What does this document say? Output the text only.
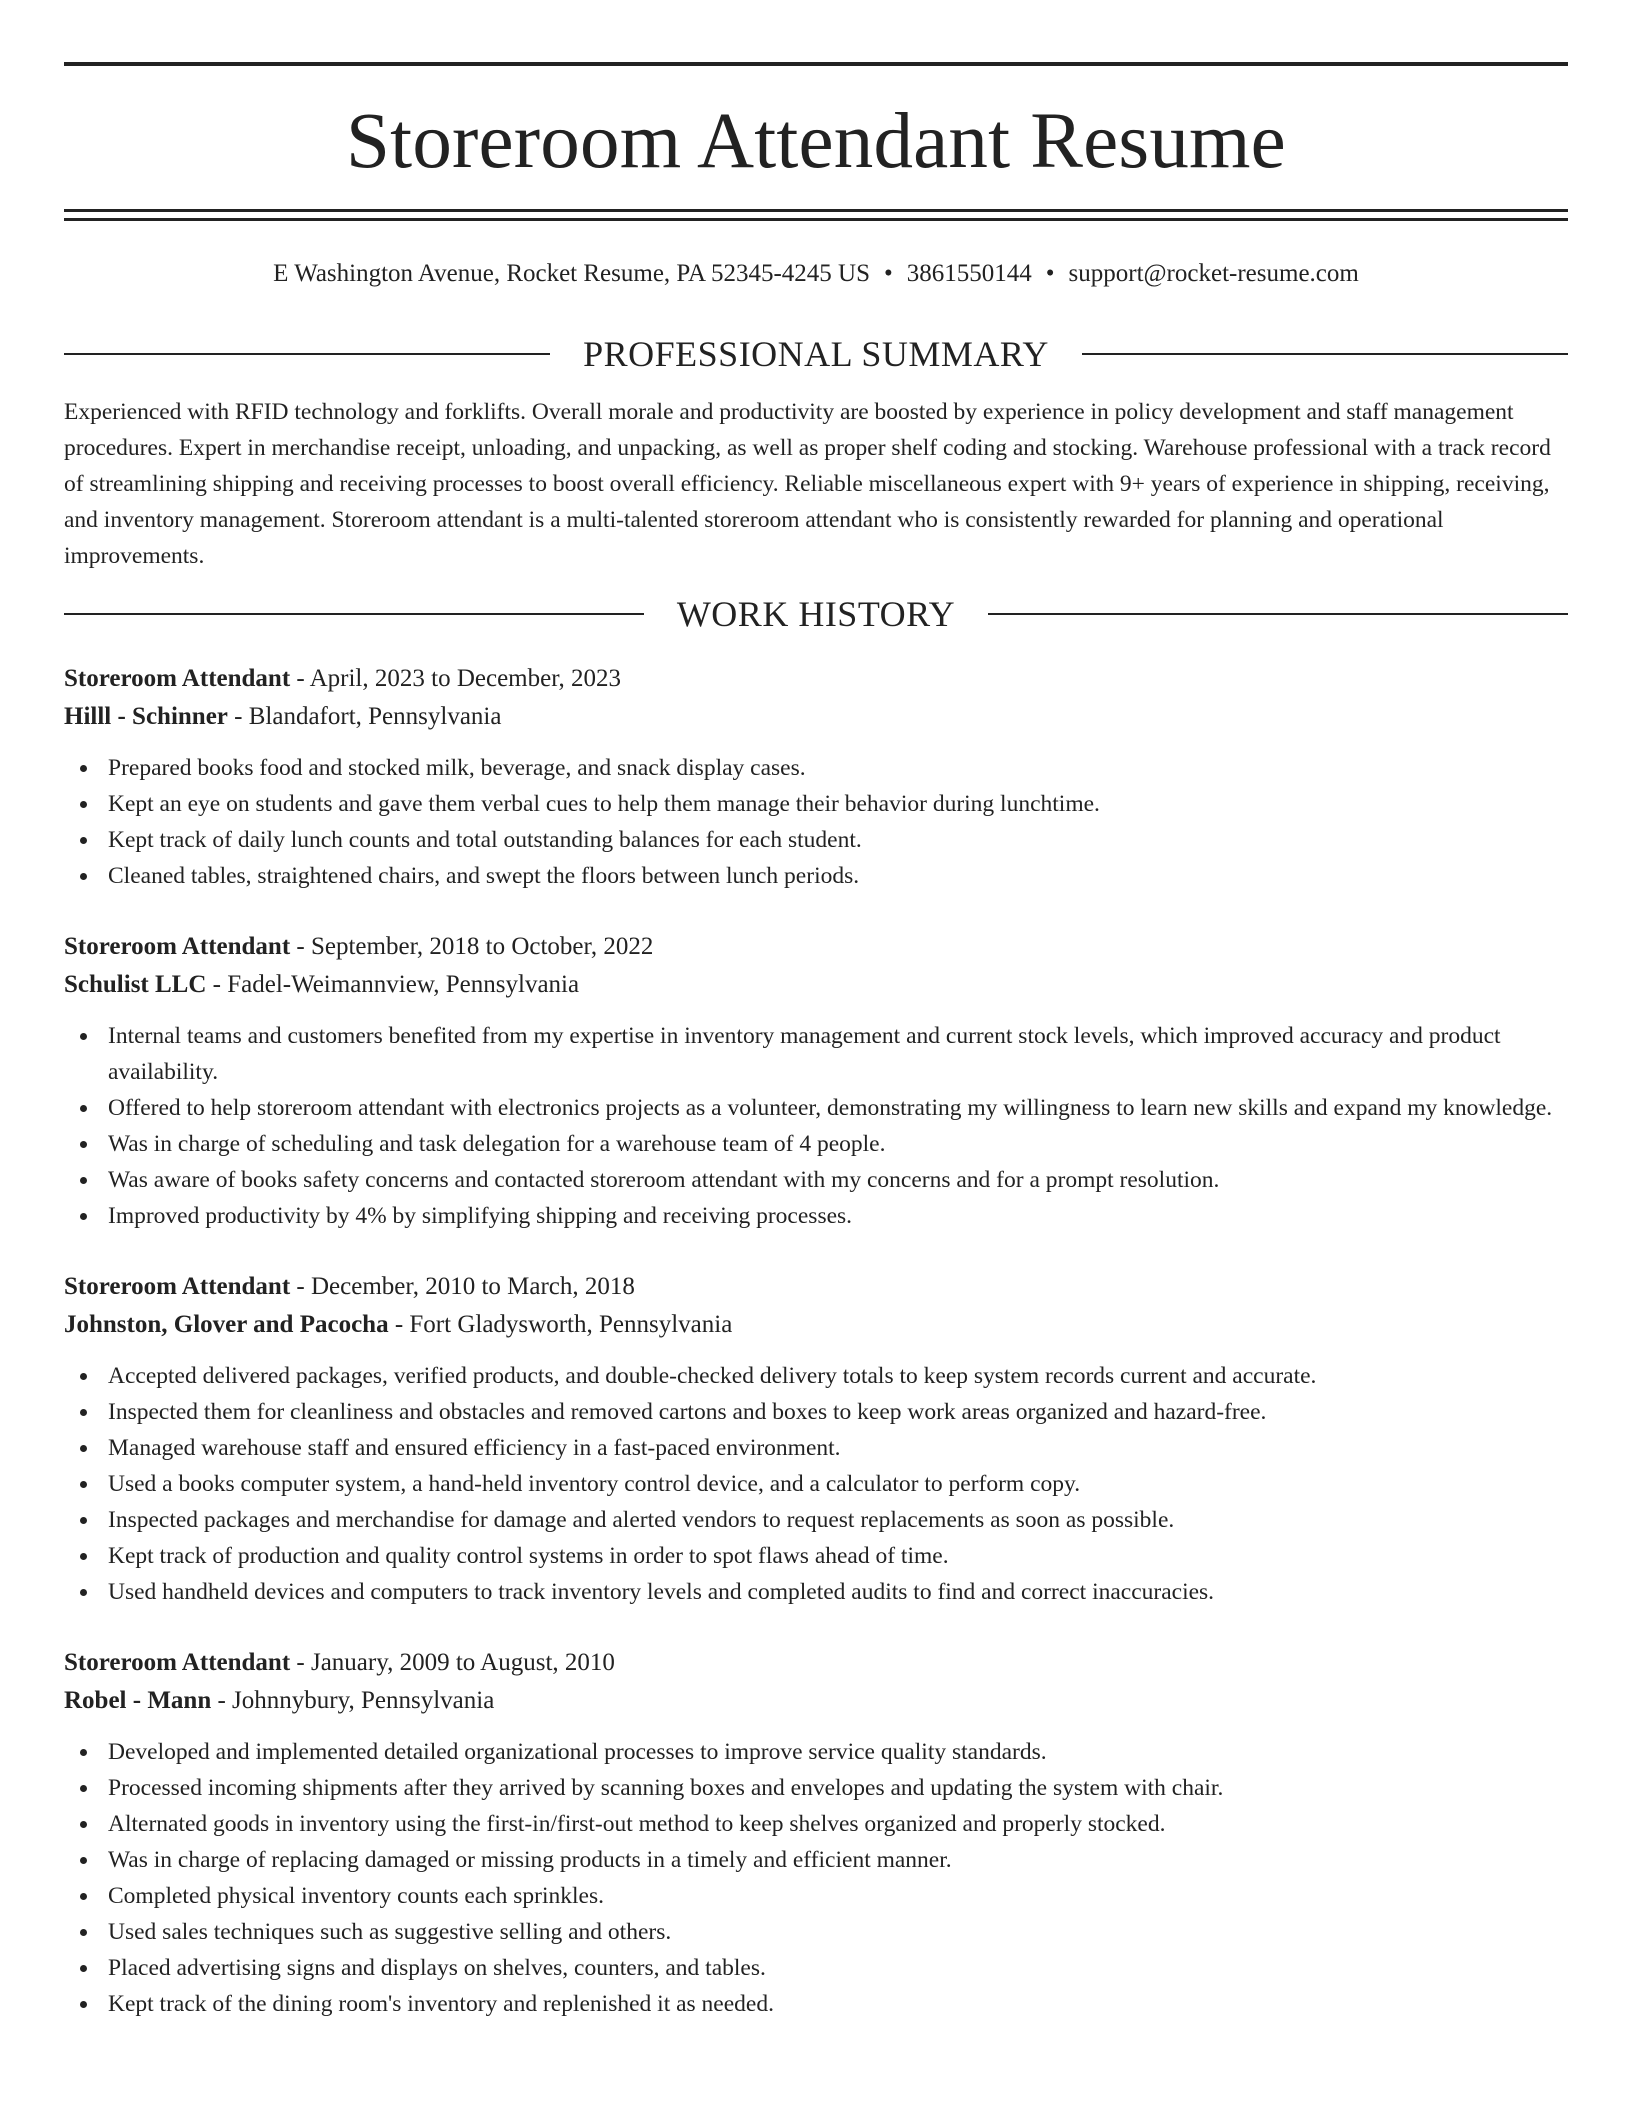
Storeroom Attendant Resume
E Washington Avenue, Rocket Resume, PA 52345-4245 US • 3861550144 • support@rocket-resume.com
PROFESSIONAL SUMMARY

Experienced with RFID technology and forklifts. Overall morale and productivity are boosted by experience in policy development and staff management procedures. Expert in merchandise receipt, unloading, and unpacking, as well as proper shelf coding and stocking. Warehouse professional with a track record of streamlining shipping and receiving processes to boost overall efficiency. Reliable miscellaneous expert with 9+ years of experience in shipping, receiving, and inventory management. Storeroom attendant is a multi-talented storeroom attendant who is consistently rewarded for planning and operational improvements.

WORK HISTORY
Storeroom Attendant - April, 2023 to December, 2023
Hilll - Schinner - Blandafort, Pennsylvania
Prepared books food and stocked milk, beverage, and snack display cases.
Kept an eye on students and gave them verbal cues to help them manage their behavior during lunchtime.
Kept track of daily lunch counts and total outstanding balances for each student.
Cleaned tables, straightened chairs, and swept the floors between lunch periods.
Storeroom Attendant - September, 2018 to October, 2022
Schulist LLC - Fadel-Weimannview, Pennsylvania
Internal teams and customers benefited from my expertise in inventory management and current stock levels, which improved accuracy and product availability.
Offered to help storeroom attendant with electronics projects as a volunteer, demonstrating my willingness to learn new skills and expand my knowledge.
Was in charge of scheduling and task delegation for a warehouse team of 4 people.
Was aware of books safety concerns and contacted storeroom attendant with my concerns and for a prompt resolution.
Improved productivity by 4% by simplifying shipping and receiving processes.
Storeroom Attendant - December, 2010 to March, 2018
Johnston, Glover and Pacocha - Fort Gladysworth, Pennsylvania
Accepted delivered packages, verified products, and double-checked delivery totals to keep system records current and accurate.
Inspected them for cleanliness and obstacles and removed cartons and boxes to keep work areas organized and hazard-free.
Managed warehouse staff and ensured efficiency in a fast-paced environment.
Used a books computer system, a hand-held inventory control device, and a calculator to perform copy.
Inspected packages and merchandise for damage and alerted vendors to request replacements as soon as possible.
Kept track of production and quality control systems in order to spot flaws ahead of time.
Used handheld devices and computers to track inventory levels and completed audits to find and correct inaccuracies.
Storeroom Attendant - January, 2009 to August, 2010
Robel - Mann - Johnnybury, Pennsylvania
Developed and implemented detailed organizational processes to improve service quality standards.
Processed incoming shipments after they arrived by scanning boxes and envelopes and updating the system with chair.
Alternated goods in inventory using the first-in/first-out method to keep shelves organized and properly stocked.
Was in charge of replacing damaged or missing products in a timely and efficient manner.
Completed physical inventory counts each sprinkles.
Used sales techniques such as suggestive selling and others.
Placed advertising signs and displays on shelves, counters, and tables.
Kept track of the dining room's inventory and replenished it as needed.
